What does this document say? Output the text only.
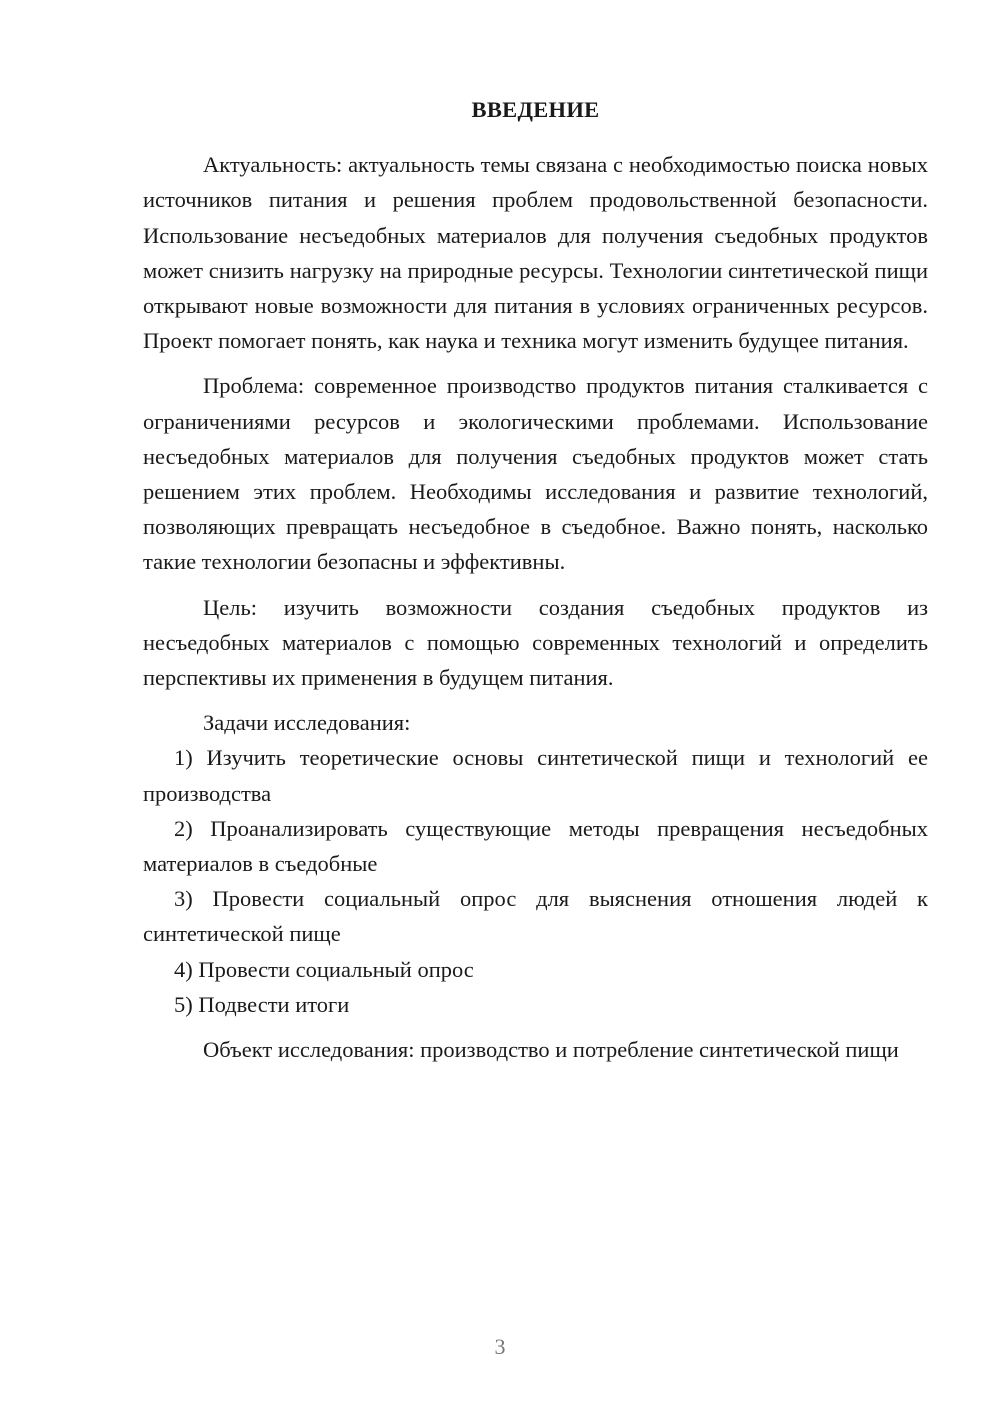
ВВЕДЕНИЕ

Актуальность: актуальность темы связана с необходимостью поиска новых источников питания и решения проблем продовольственной безопасности. Использование несъедобных материалов для получения съедобных продуктов может снизить нагрузку на природные ресурсы. Технологии синтетической пищи открывают новые возможности для питания в условиях ограниченных ресурсов. Проект помогает понять, как наука и техника могут изменить будущее питания.

Проблема: современное производство продуктов питания сталкивается с ограничениями ресурсов и экологическими проблемами. Использование несъедобных материалов для получения съедобных продуктов может стать решением этих проблем. Необходимы исследования и развитие технологий, позволяющих превращать несъедобное в съедобное. Важно понять, насколько такие технологии безопасны и эффективны.

Цель: изучить возможности создания съедобных продуктов из несъедобных материалов с помощью современных технологий и определить перспективы их применения в будущем питания.

Задачи исследования:

1) Изучить теоретические основы синтетической пищи и технологий ее производства

2) Проанализировать существующие методы превращения несъедобных материалов в съедобные

3) Провести социальный опрос для выяснения отношения людей к синтетической пище

4) Провести социальный опрос

5) Подвести итоги

Объект исследования: производство и потребление синтетической пищи

3
